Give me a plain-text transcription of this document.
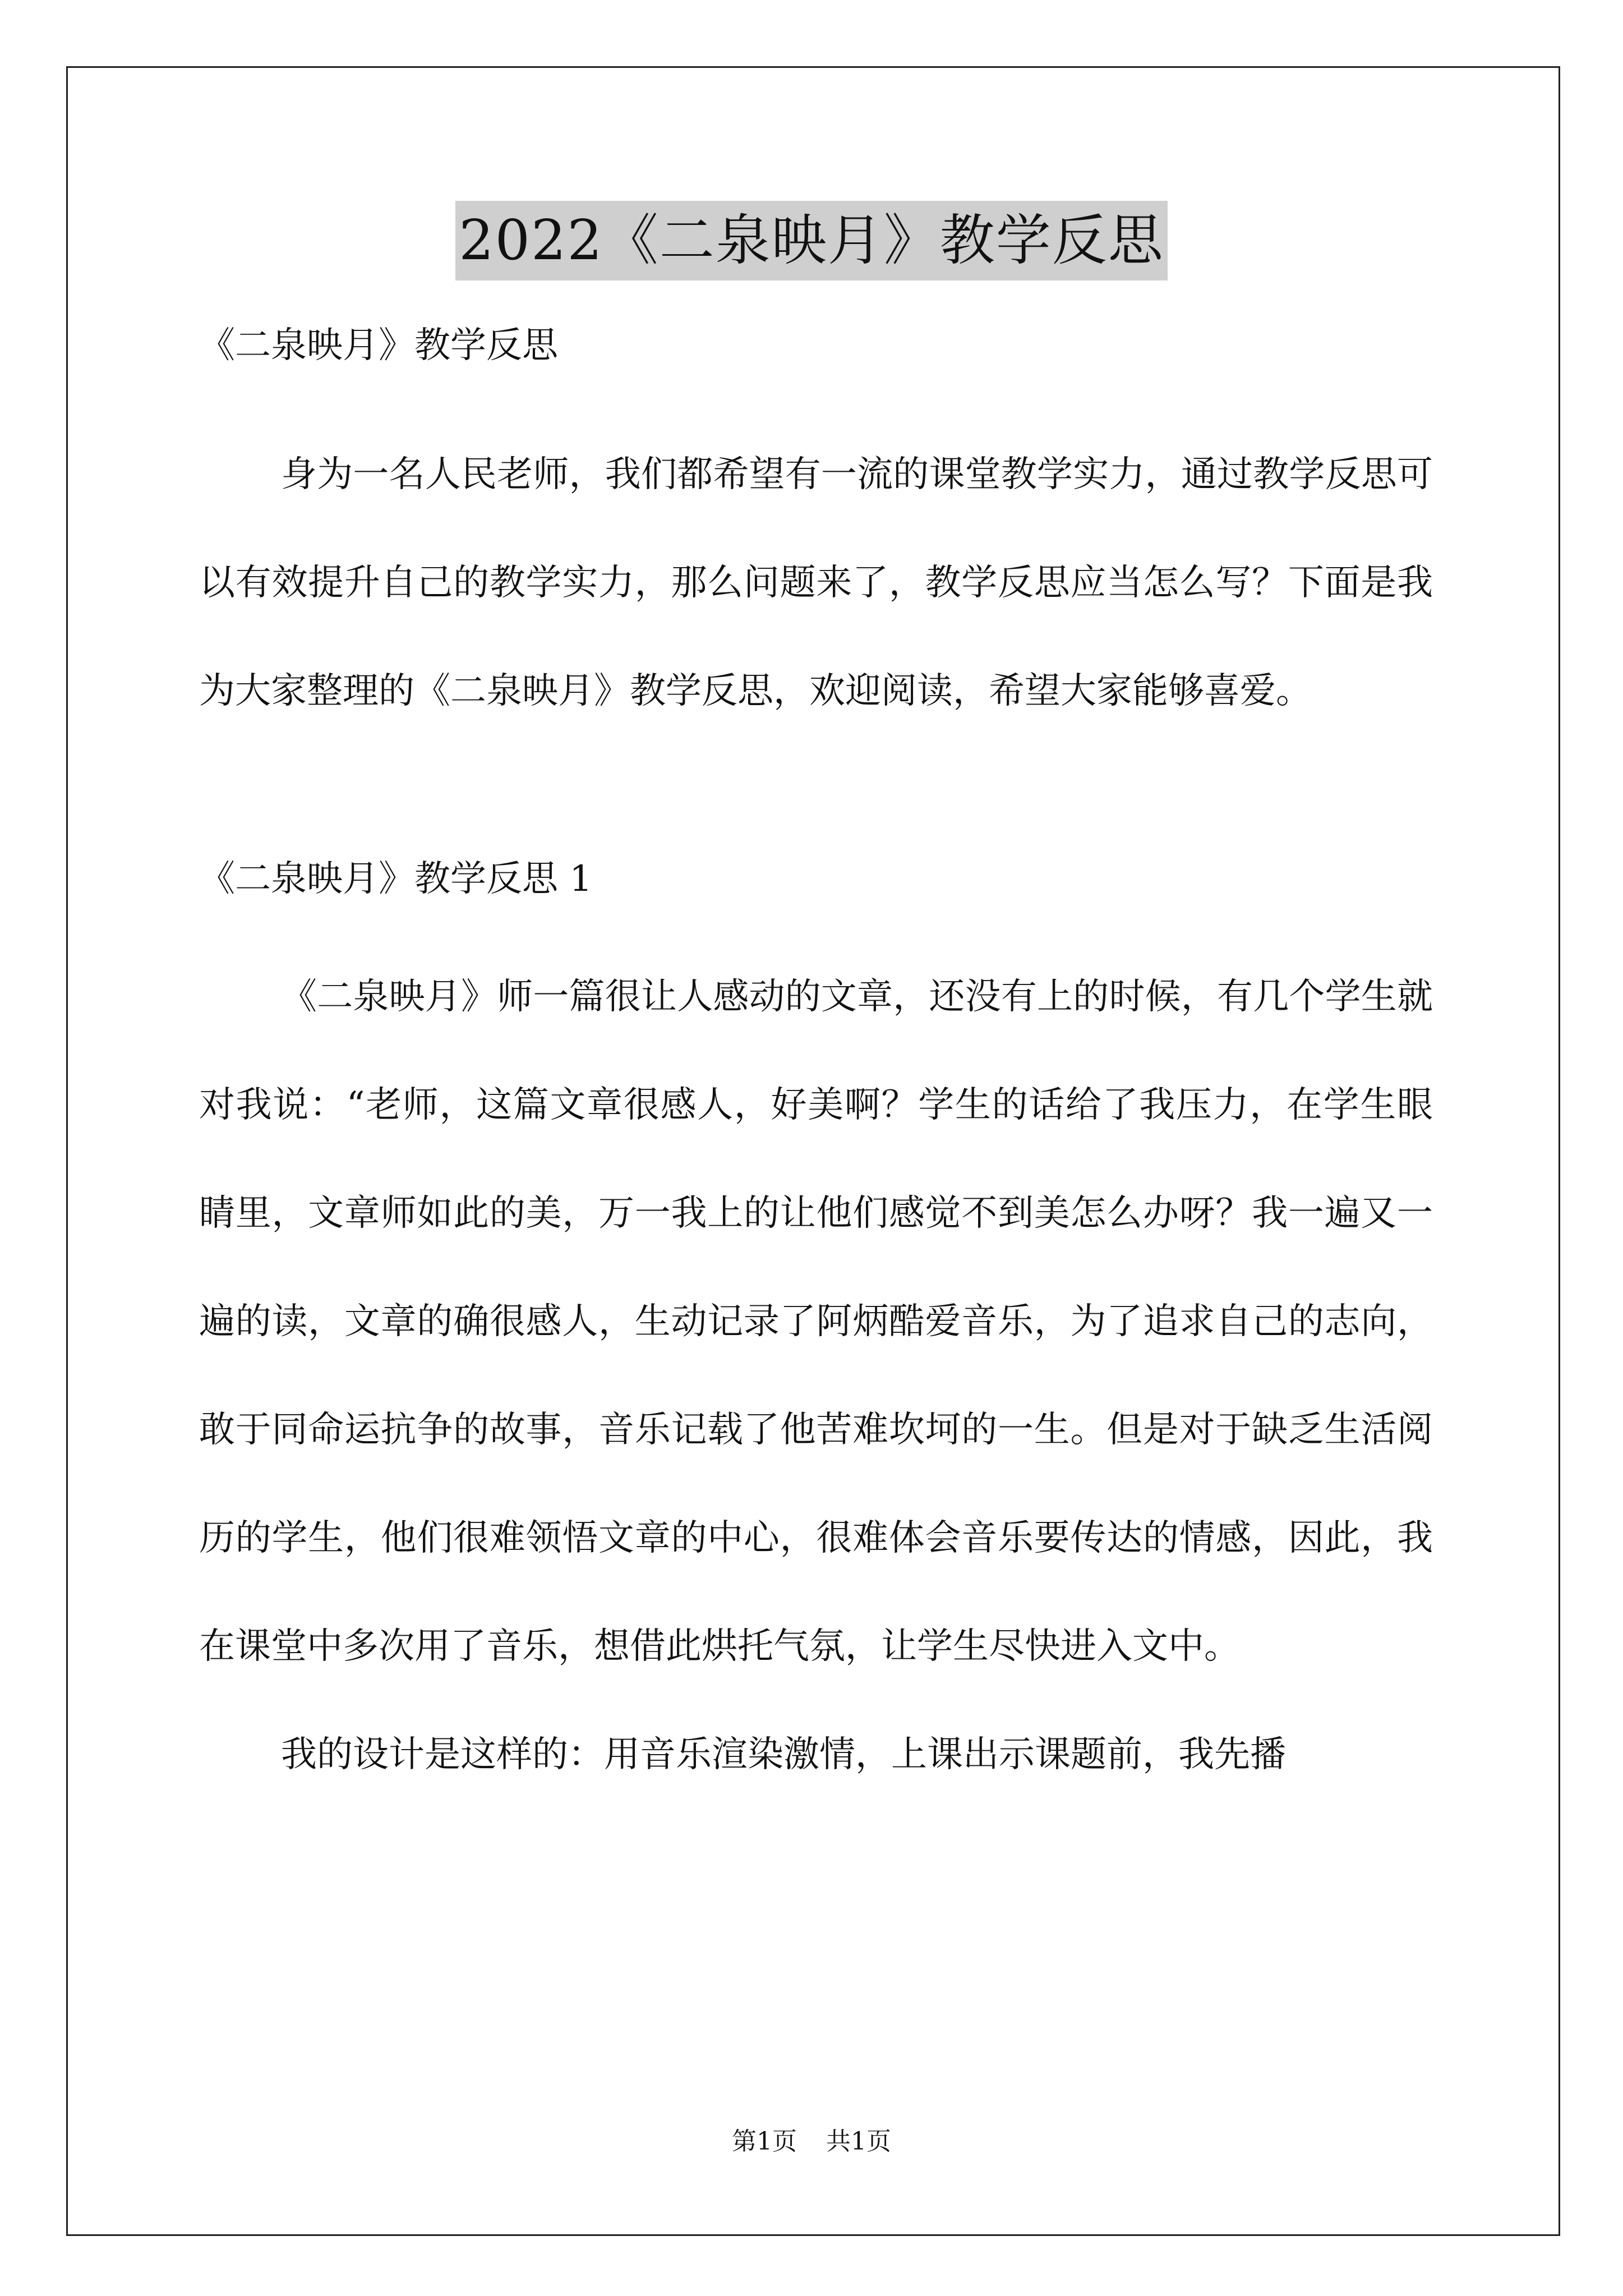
2022《二泉映月》教学反思

《二泉映月》教学反思

身为一名人民老师，我们都希望有一流的课堂教学实力，通过教学反思可以有效提升自己的教学实力，那么问题来了，教学反思应当怎么写？下面是我为大家整理的《二泉映月》教学反思，欢迎阅读，希望大家能够喜爱。

《二泉映月》教学反思 1

《二泉映月》师一篇很让人感动的文章，还没有上的时候，有几个学生就对我说：“老师，这篇文章很感人，好美啊？学生的话给了我压力，在学生眼睛里，文章师如此的美，万一我上的让他们感觉不到美怎么办呀？我一遍又一遍的读，文章的确很感人，生动记录了阿炳酷爱音乐，为了追求自己的志向，敢于同命运抗争的故事，音乐记载了他苦难坎坷的一生。但是对于缺乏生活阅历的学生，他们很难领悟文章的中心，很难体会音乐要传达的情感，因此，我在课堂中多次用了音乐，想借此烘托气氛，让学生尽快进入文中。

我的设计是这样的：用音乐渲染激情，上课出示课题前，我先播

第1页 共1页
